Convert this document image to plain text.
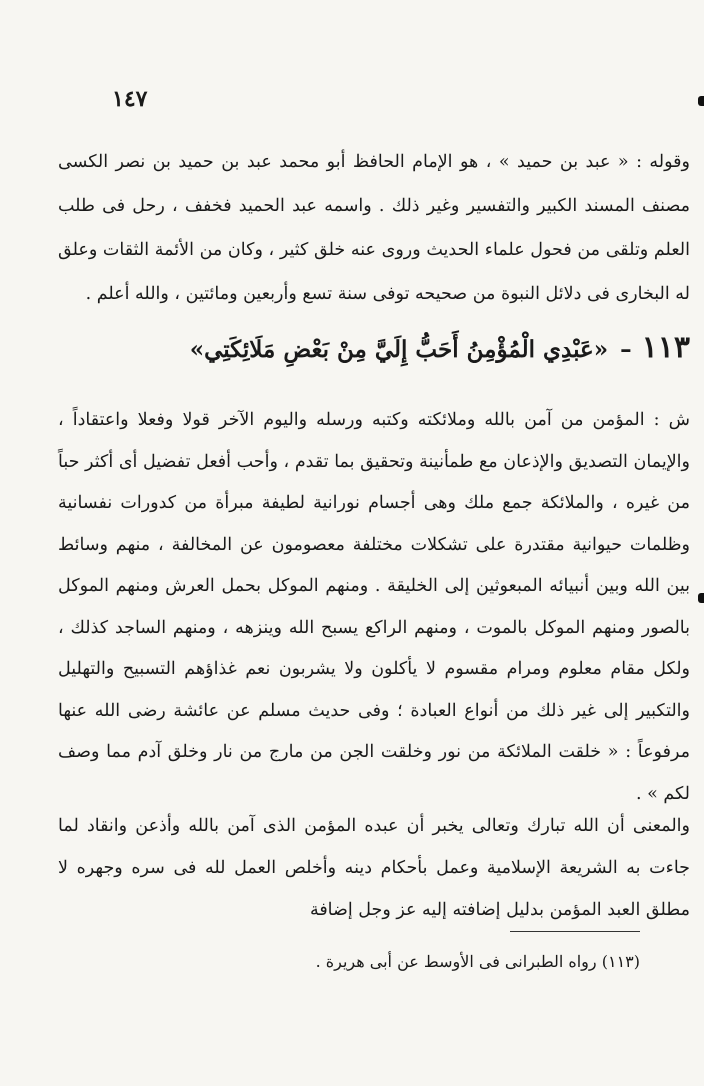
١٤٧

وقوله : « عبد بن حميد » ، هو الإمام الحافظ أبو محمد عبد بن حميد بن نصر الكسى مصنف المسند الكبير والتفسير وغير ذلك . واسمه عبد الحميد فخفف ، رحل فى طلب العلم وتلقى من فحول علماء الحديث وروى عنه خلق كثير ، وكان من الأئمة الثقات وعلق له البخارى فى دلائل النبوة من صحيحه توفى سنة تسع وأربعين ومائتين ، والله أعلم .

١١٣–«عَبْدِي الْمُؤْمِنُ أَحَبُّ إِلَيَّ مِنْ بَعْضِ مَلَائِكَتِي»

ش : المؤمن من آمن بالله وملائكته وكتبه ورسله واليوم الآخر قولا وفعلا واعتقاداً ، والإيمان التصديق والإذعان مع طمأنينة وتحقيق بما تقدم ، وأحب أفعل تفضيل أى أكثر حباً من غيره ، والملائكة جمع ملك وهى أجسام نورانية لطيفة مبرأة من كدورات نفسانية وظلمات حيوانية مقتدرة على تشكلات مختلفة معصومون عن المخالفة ، منهم وسائط بين الله وبين أنبيائه المبعوثين إلى الخليقة . ومنهم الموكل بحمل العرش ومنهم الموكل بالصور ومنهم الموكل بالموت ، ومنهم الراكع يسبح الله وينزهه ، ومنهم الساجد كذلك ، ولكل مقام معلوم ومرام مقسوم لا يأكلون ولا يشربون نعم غذاؤهم التسبيح والتهليل والتكبير إلى غير ذلك من أنواع العبادة ؛ وفى حديث مسلم عن عائشة رضى الله عنها مرفوعاً : « خلقت الملائكة من نور وخلقت الجن من مارج من نار وخلق آدم مما وصف لكم » .

والمعنى أن الله تبارك وتعالى يخبر أن عبده المؤمن الذى آمن بالله وأذعن وانقاد لما جاءت به الشريعة الإسلامية وعمل بأحكام دينه وأخلص العمل لله فى سره وجهره لا مطلق العبد المؤمن بدليل إضافته إليه عز وجل إضافة

(١١٣) رواه الطبرانى فى الأوسط عن أبى هريرة .
